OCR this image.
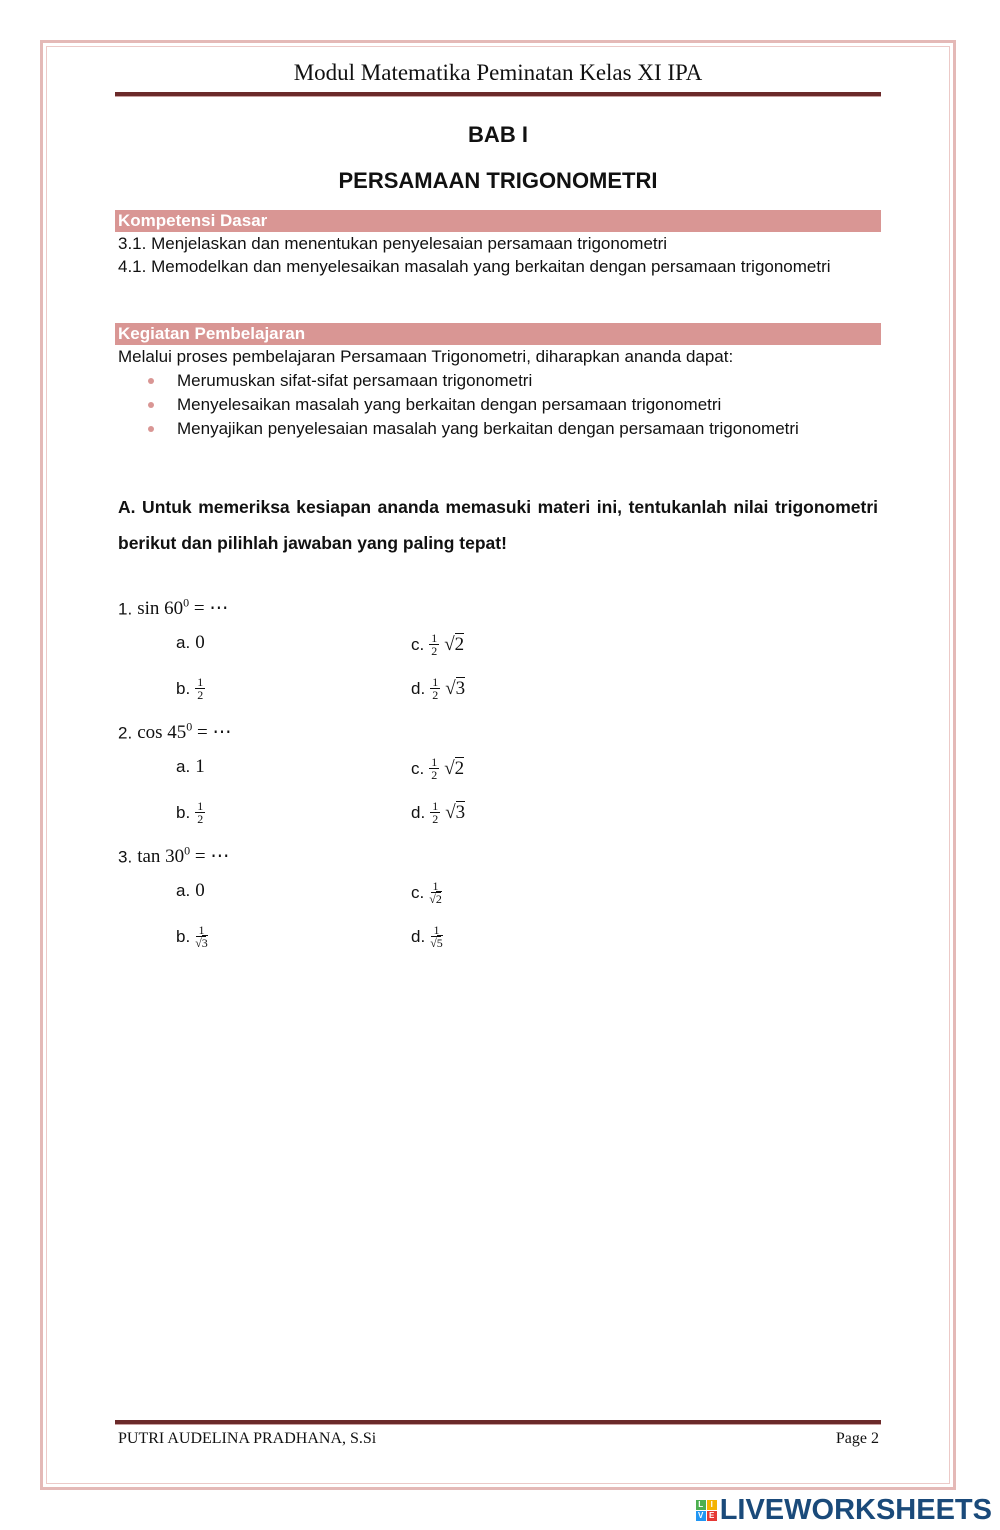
Modul Matematika Peminatan Kelas XI IPA
BAB I
PERSAMAAN TRIGONOMETRI
Kompetensi Dasar
3.1. Menjelaskan dan menentukan penyelesaian persamaan trigonometri
4.1. Memodelkan dan menyelesaikan masalah yang berkaitan dengan persamaan trigonometri
Kegiatan Pembelajaran
Melalui proses pembelajaran Persamaan Trigonometri, diharapkan ananda dapat:
Merumuskan sifat-sifat persamaan trigonometri
Menyelesaikan masalah yang berkaitan dengan persamaan trigonometri
Menyajikan penyelesaian masalah yang berkaitan dengan persamaan trigonometri
A. Untuk memeriksa kesiapan ananda memasuki materi ini, tentukanlah nilai trigonometri berikut dan pilihlah jawaban yang paling tepat!
1. $\sin 60^0$ = ⋯
a. 0	c. $\frac{1}{2} √2$
b. $\frac{1}{2}$	d. $\frac{1}{2} √3$
2. $\cos 45^0$ = ⋯
a. 1	c. $\frac{1}{2} √2$
b. $\frac{1}{2}$	d. $\frac{1}{2} √3$
3. $\tan 30^0$ = ⋯
a. 0	c. $\frac{1}{√2}$
b. $\frac{1}{√3}$	d. $\frac{1}{√5}$
PUTRI AUDELINA PRADHANA, S.Si	Page 2
L I
V E LIVEWORKSHEETS
